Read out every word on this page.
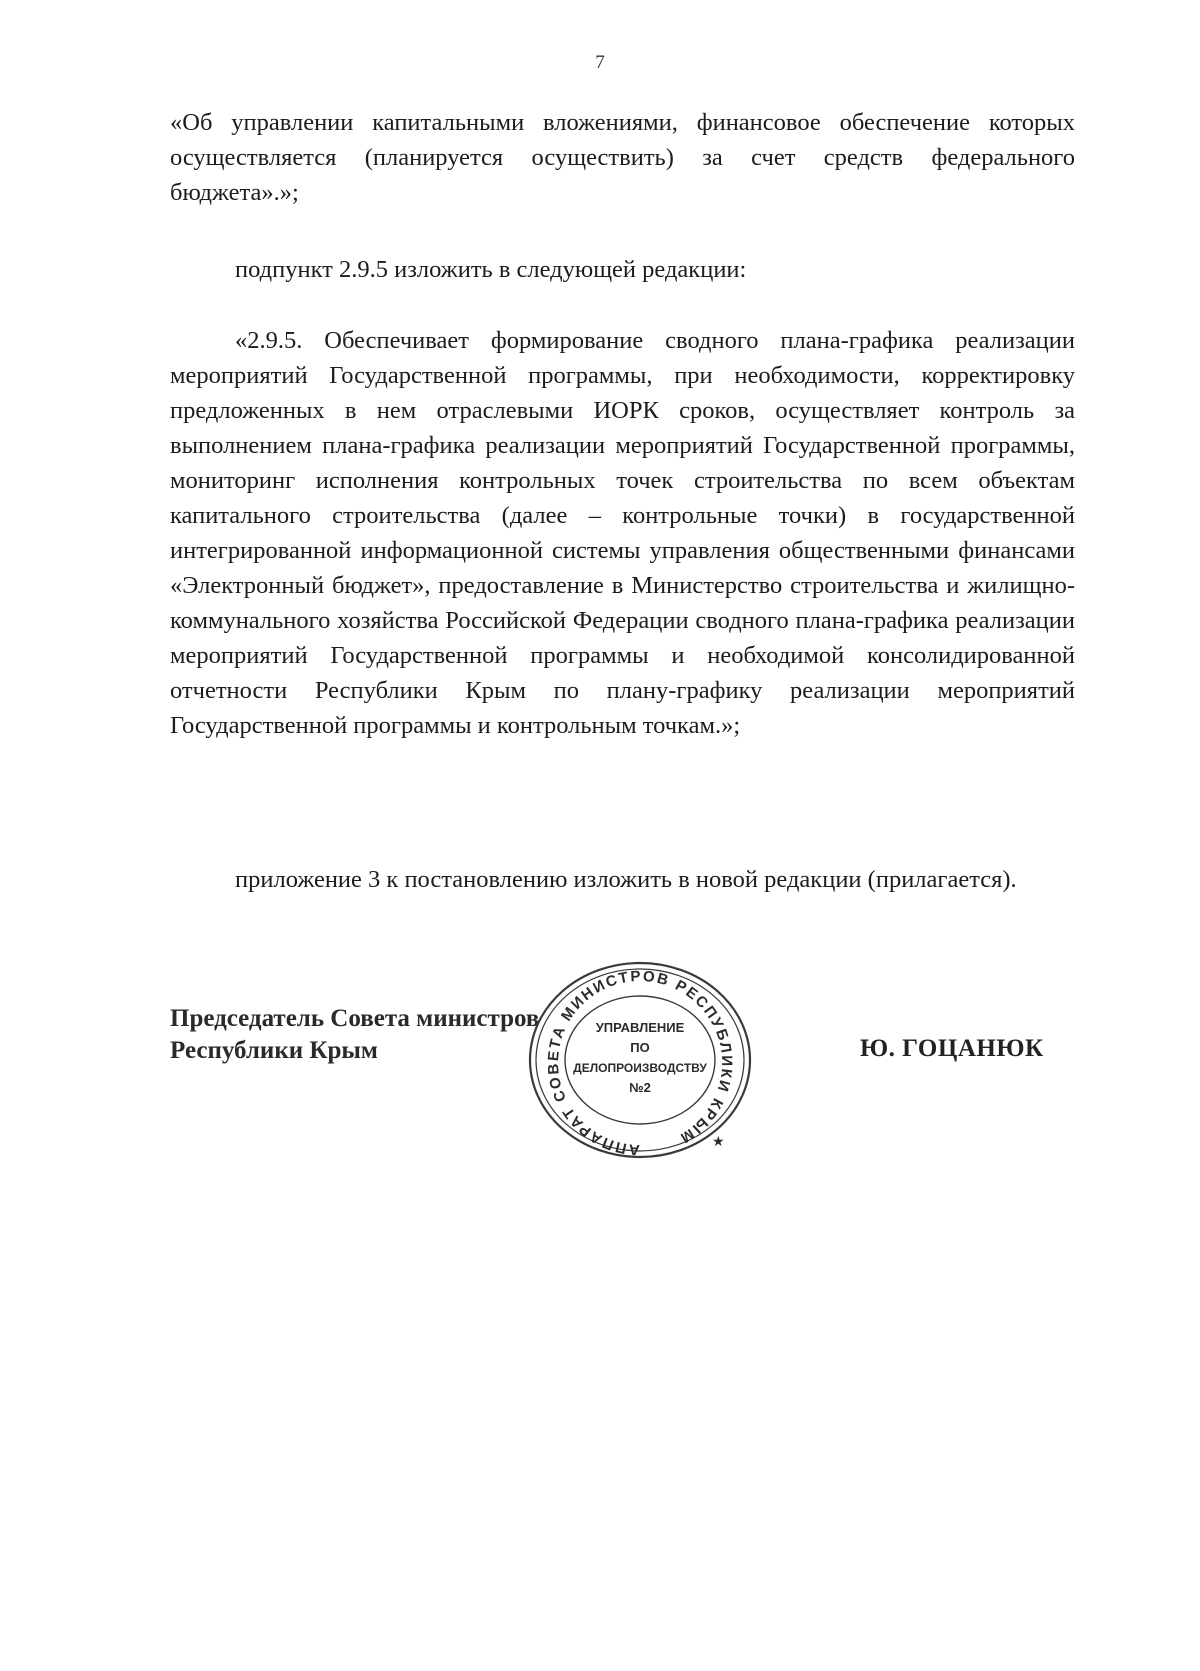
7

«Об управлении капитальными вложениями, финансовое обеспечение которых осуществляется (планируется осуществить) за счет средств федерального бюджета».»;

подпункт 2.9.5 изложить в следующей редакции:

«2.9.5. Обеспечивает формирование сводного плана-графика реализации мероприятий Государственной программы, при необходимости, корректировку предложенных в нем отраслевыми ИОРК сроков, осуществляет контроль за выполнением плана-графика реализации мероприятий Государственной программы, мониторинг исполнения контрольных точек строительства по всем объектам капитального строительства (далее – контрольные точки) в государственной интегрированной информационной системы управления общественными финансами «Электронный бюджет», предоставление в Министерство строительства и жилищно-коммунального хозяйства Российской Федерации сводного плана-графика реализации мероприятий Государственной программы и необходимой консолидированной отчетности Республики Крым по плану-графику реализации мероприятий Государственной программы и контрольным точкам.»;

приложение 3 к постановлению изложить в новой редакции (прилагается).

Председатель Совета министров
Республики Крым	Ю. ГОЦАНЮК
АППАРАТ СОВЕТА МИНИСТРОВ РЕСПУБЛИКИ КРЫМ	★
УПРАВЛЕНИЕ
ПО
ДЕЛОПРОИЗВОДСТВУ
№2
